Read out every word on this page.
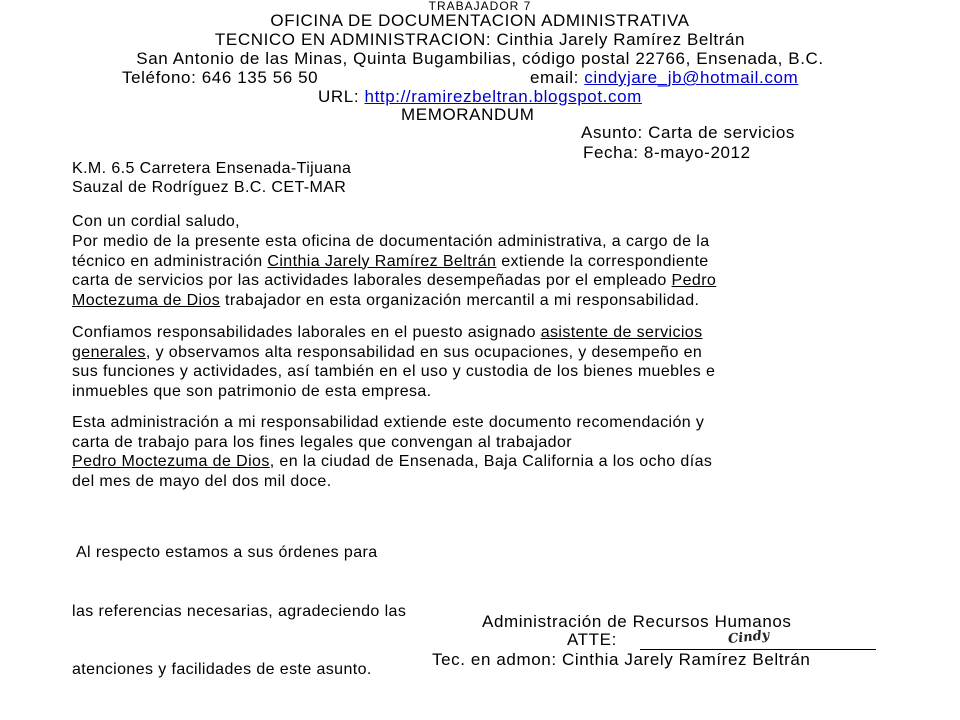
TRABAJADOR 7
OFICINA DE DOCUMENTACION ADMINISTRATIVA
TECNICO EN ADMINISTRACION: Cinthia Jarely Ramírez Beltrán
San Antonio de las Minas, Quinta Bugambilias, código postal 22766, Ensenada, B.C.
Teléfono: 646 135 56 50	email: cindyjare_jb@hotmail.com
URL: http://ramirezbeltran.blogspot.com
MEMORANDUM
Asunto: Carta de servicios
Fecha: 8-mayo-2012
K.M. 6.5 Carretera Ensenada-Tijuana
Sauzal de Rodríguez B.C. CET-MAR
Con un cordial saludo,
Por medio de la presente esta oficina de documentación administrativa, a cargo de la
técnico en administración Cinthia Jarely Ramírez Beltrán extiende la correspondiente
carta de servicios por las actividades laborales desempeñadas por el empleado Pedro
Moctezuma de Dios trabajador en esta organización mercantil a mi responsabilidad.
Confiamos responsabilidades laborales en el puesto asignado asistente de servicios
generales, y observamos alta responsabilidad en sus ocupaciones, y desempeño en
sus funciones y actividades, así también en el uso y custodia de los bienes muebles e
inmuebles que son patrimonio de esta empresa.
Esta administración a mi responsabilidad extiende este documento recomendación y
carta de trabajo para los fines legales que convengan al trabajador
Pedro Moctezuma de Dios, en la ciudad de Ensenada, Baja California a los ocho días
del mes de mayo del dos mil doce.

Al respecto estamos a sus órdenes para

las referencias necesarias, agradeciendo las

atenciones y facilidades de este asunto.

Administración de Recursos Humanos
ATTE:	Cindy
Tec. en admon: Cinthia Jarely Ramírez Beltrán
